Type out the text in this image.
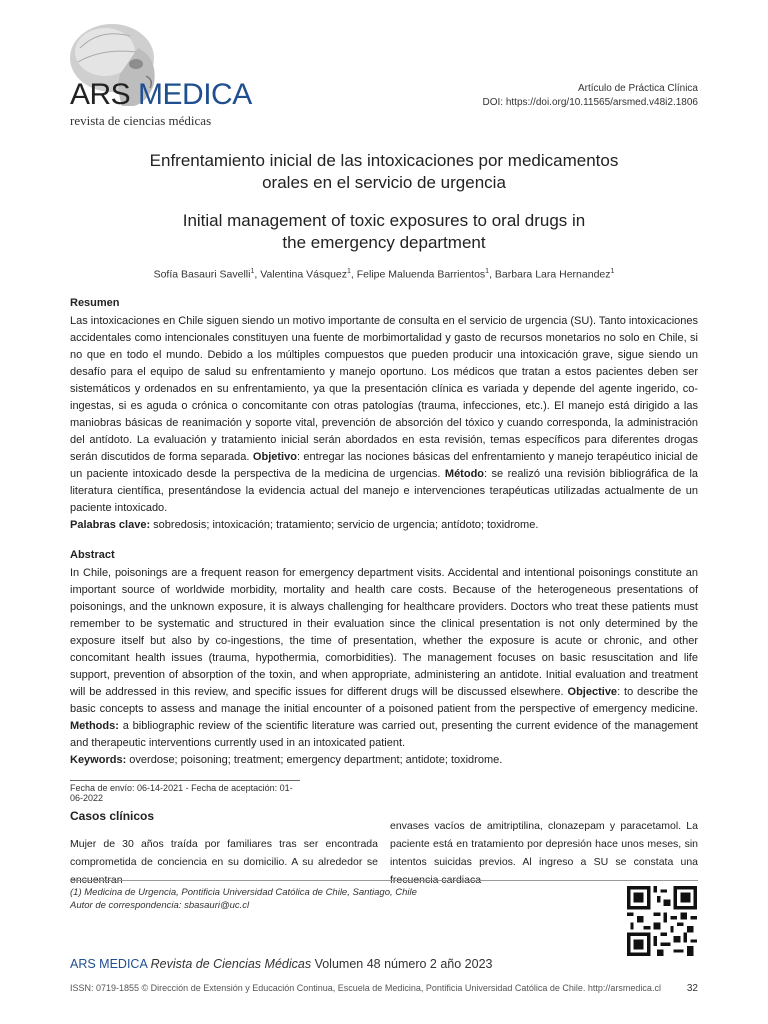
ARS MEDICA
revista de ciencias médicas
Artículo de Práctica Clínica
DOI: https://doi.org/10.11565/arsmed.v48i2.1806
Enfrentamiento inicial de las intoxicaciones por medicamentos
orales en el servicio de urgencia
Initial management of toxic exposures to oral drugs in
the emergency department
Sofía Basauri Savelli$^1$, Valentina Vásquez$^1$, Felipe Maluenda Barrientos$^1$, Barbara Lara Hernandez$^1$
Resumen
Las intoxicaciones en Chile siguen siendo un motivo importante de consulta en el servicio de urgencia (SU). Tanto intoxicaciones accidentales como intencionales constituyen una fuente de morbimortalidad y gasto de recursos monetarios no solo en Chile, si no que en todo el mundo. Debido a los múltiples compuestos que pueden producir una intoxicación grave, sigue siendo un desafío para el equipo de salud su enfrentamiento y manejo oportuno. Los médicos que tratan a estos pacientes deben ser sistemáticos y ordenados en su enfrentamiento, ya que la presentación clínica es variada y depende del agente ingerido, co-ingestas, si es aguda o crónica o concomitante con otras patologías (trauma, infecciones, etc.). El manejo está dirigido a las maniobras básicas de reanimación y soporte vital, prevención de absorción del tóxico y cuando corresponda, la administración del antídoto. La evaluación y tratamiento inicial serán abordados en esta revisión, temas específicos para diferentes drogas serán discutidos de forma separada. Objetivo: entregar las nociones básicas del enfrentamiento y manejo terapéutico inicial de un paciente intoxicado desde la perspectiva de la medicina de urgencias. Método: se realizó una revisión bibliográfica de la literatura científica, presentándose la evidencia actual del manejo e intervenciones terapéuticas utilizadas actualmente de un paciente intoxicado.
Palabras clave: sobredosis; intoxicación; tratamiento; servicio de urgencia; antídoto; toxidrome.
Abstract
In Chile, poisonings are a frequent reason for emergency department visits. Accidental and intentional poisonings constitute an important source of worldwide morbidity, mortality and health care costs. Because of the heterogeneous presentations of poisonings, and the unknown exposure, it is always challenging for healthcare providers. Doctors who treat these patients must remember to be systematic and structured in their evaluation since the clinical presentation is not only determined by the exposure itself but also by co-ingestions, the time of presentation, whether the exposure is acute or chronic, and other concomitant health issues (trauma, hypothermia, comorbidities). The management focuses on basic resuscitation and life support, prevention of absorption of the toxin, and when appropriate, administering an antidote. Initial evaluation and treatment will be addressed in this review, and specific issues for different drugs will be discussed elsewhere. Objective: to describe the basic concepts to assess and manage the initial encounter of a poisoned patient from the perspective of emergency medicine. Methods: a bibliographic review of the scientific literature was carried out, presenting the current evidence of the management and therapeutic interventions currently used in an intoxicated patient.
Keywords: overdose; poisoning; treatment; emergency department; antidote; toxidrome.
Fecha de envío: 06-14-2021 - Fecha de aceptación: 01-06-2022
Casos clínicos
Mujer de 30 años traída por familiares tras ser encontrada comprometida de conciencia en su domicilio. A su alrededor se encuentran
envases vacíos de amitriptilina, clonazepam y paracetamol. La paciente está en tratamiento por depresión hace unos meses, sin intentos suicidas previos. Al ingreso a SU se constata una frecuencia cardiaca
(1) Medicina de Urgencia, Pontificia Universidad Católica de Chile, Santiago, Chile
Autor de correspondencia: sbasauri@uc.cl
ARS MEDICA Revista de Ciencias Médicas Volumen 48 número 2 año 2023
ISSN: 0719-1855 © Dirección de Extensión y Educación Continua, Escuela de Medicina, Pontificia Universidad Católica de Chile. http://arsmedica.cl	32
